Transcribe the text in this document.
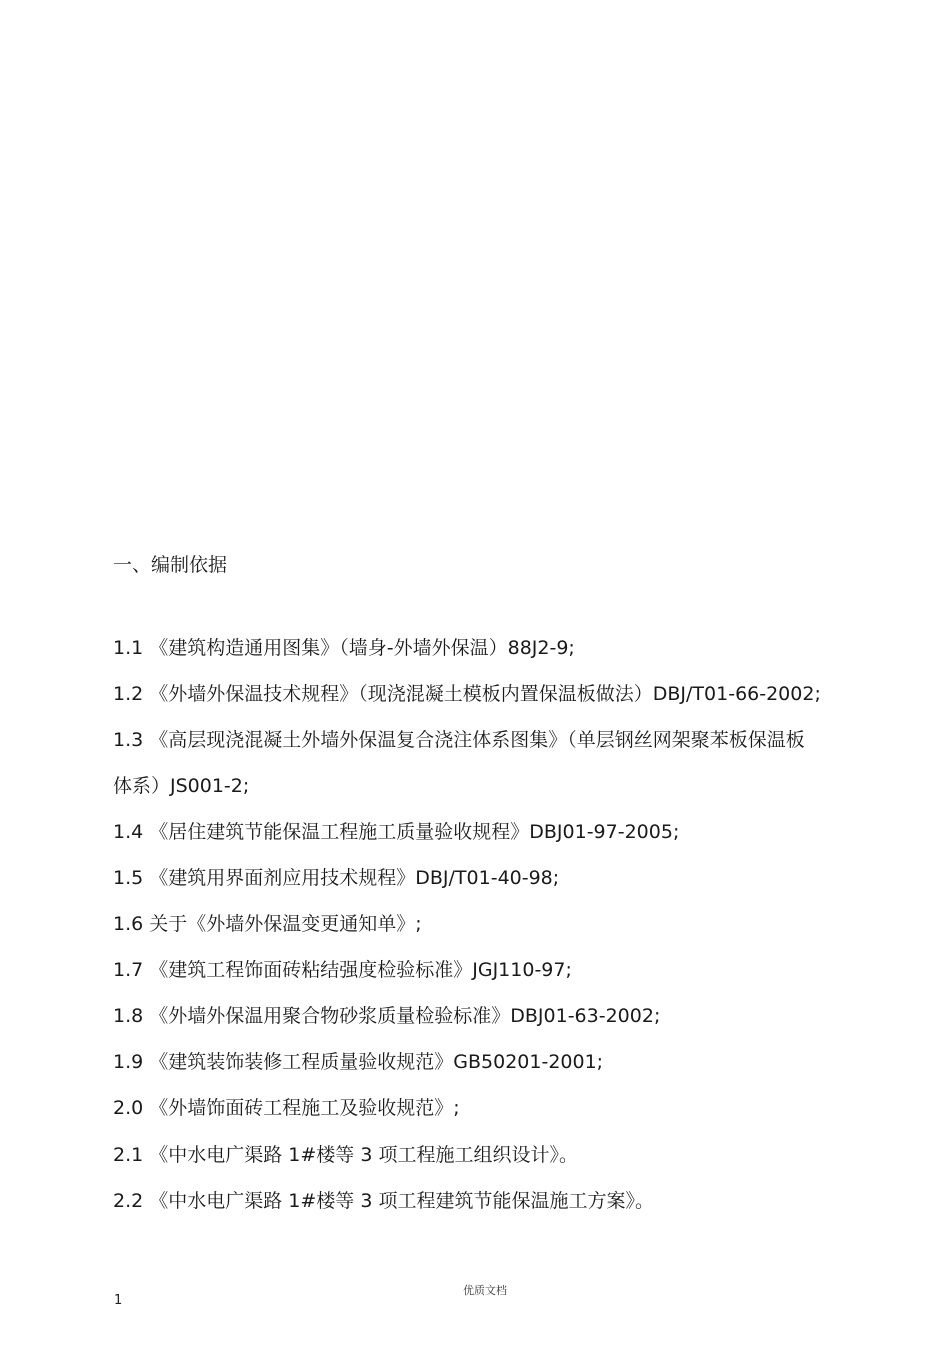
一、编制依据
1.1 《建筑构造通用图集》（墙身-外墙外保温）88J2-9;
1.2 《外墙外保温技术规程》（现浇混凝土模板内置保温板做法）DBJ/T01-66-2002;
1.3 《高层现浇混凝土外墙外保温复合浇注体系图集》（单层钢丝网架聚苯板保温板
体系）JS001-2;
1.4 《居住建筑节能保温工程施工质量验收规程》DBJ01-97-2005;
1.5 《建筑用界面剂应用技术规程》DBJ/T01-40-98;
1.6 关于《外墙外保温变更通知单》;
1.7 《建筑工程饰面砖粘结强度检验标准》JGJ110-97;
1.8 《外墙外保温用聚合物砂浆质量检验标准》DBJ01-63-2002;
1.9 《建筑装饰装修工程质量验收规范》GB50201-2001;
2.0 《外墙饰面砖工程施工及验收规范》;
2.1 《中水电广渠路 1#楼等 3 项工程施工组织设计》。
2.2 《中水电广渠路 1#楼等 3 项工程建筑节能保温施工方案》。
优质文档
1
